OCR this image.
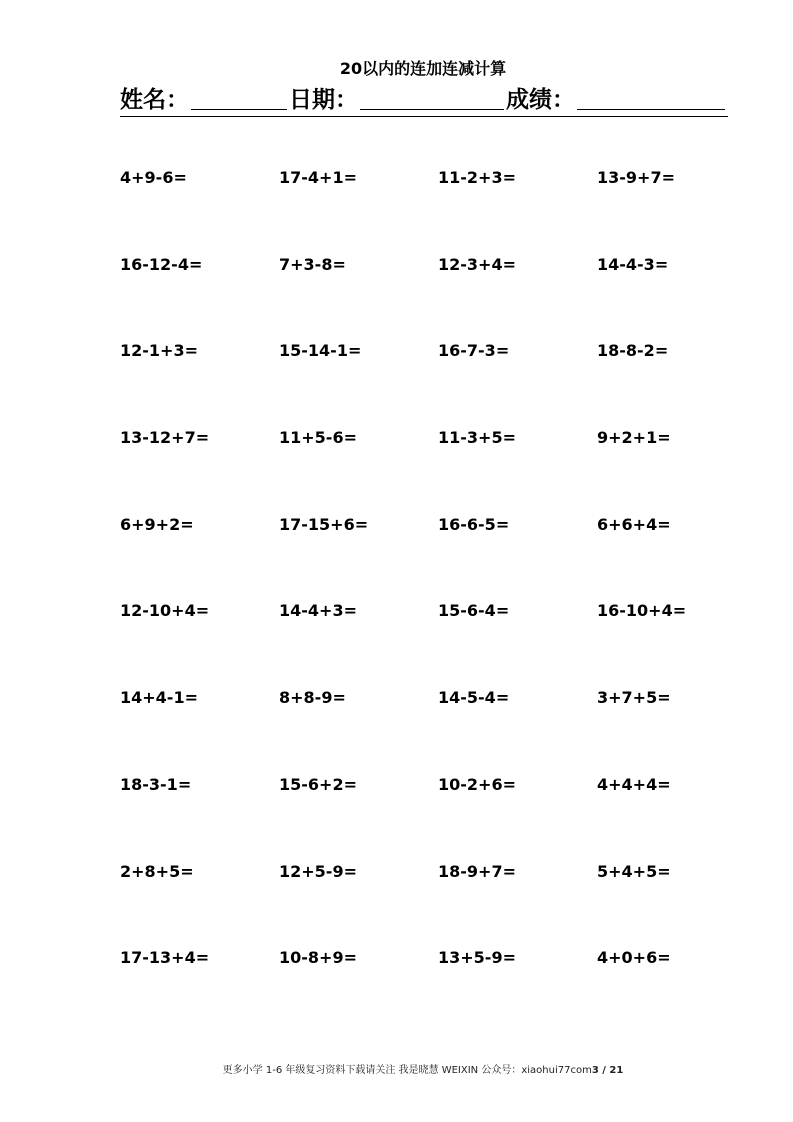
20以内的连加连减计算
姓名：	日期：	成绩：
4+9-6=	17-4+1=	11-2+3=	13-9+7=
16-12-4=	7+3-8=	12-3+4=	14-4-3=
12-1+3=	15-14-1=	16-7-3=	18-8-2=
13-12+7=	11+5-6=	11-3+5=	9+2+1=
6+9+2=	17-15+6=	16-6-5=	6+6+4=
12-10+4=	14-4+3=	15-6-4=	16-10+4=
14+4-1=	8+8-9=	14-5-4=	3+7+5=
18-3-1=	15-6+2=	10-2+6=	4+4+4=
2+8+5=	12+5-9=	18-9+7=	5+4+5=
17-13+4=	10-8+9=	13+5-9=	4+0+6=
更多小学 1-6 年级复习资料下载请关注 我是晓慧 WEIXIN 公众号：xiaohui77com3 / 21
